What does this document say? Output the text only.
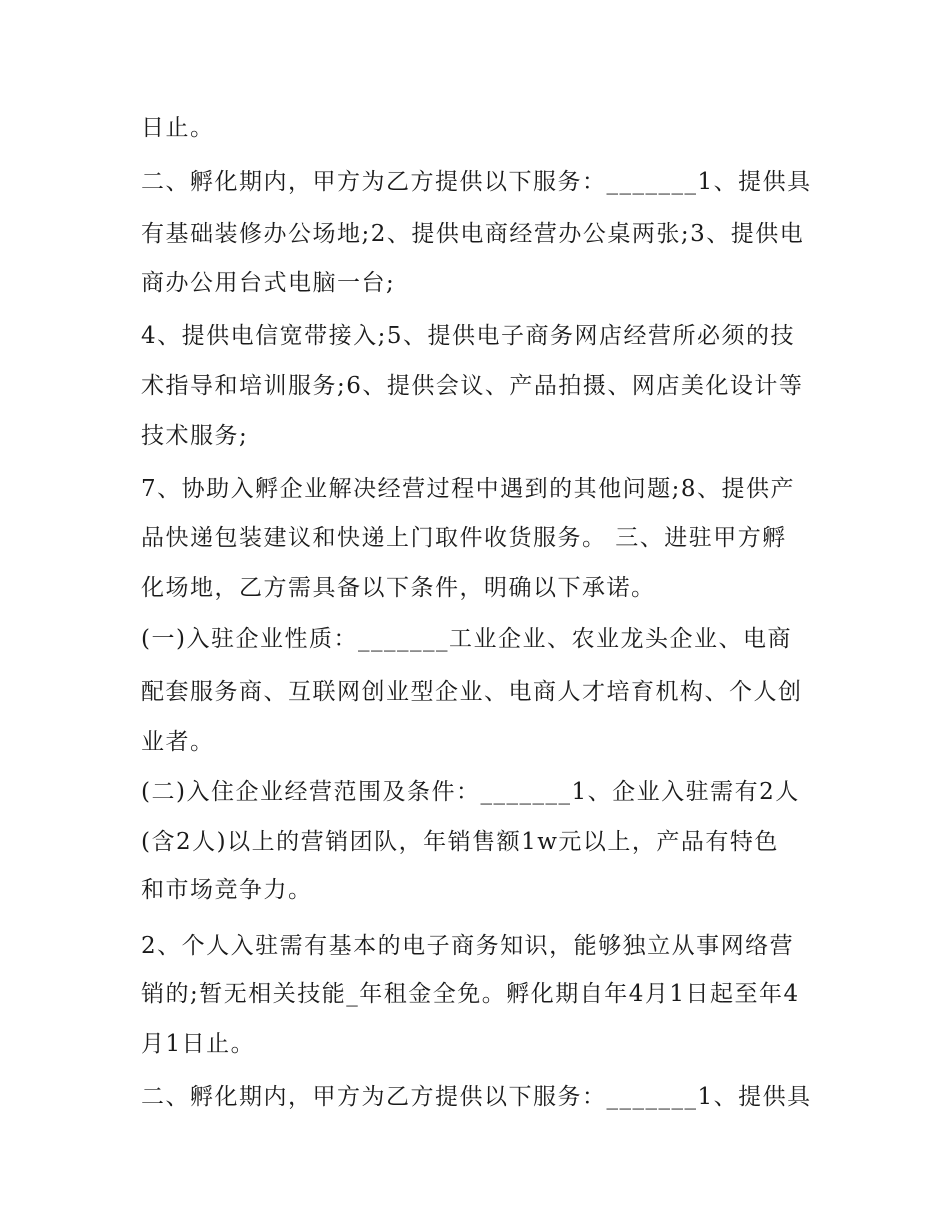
日止。
二、孵化期内，甲方为乙方提供以下服务：_______1、提供具
有基础装修办公场地;2、提供电商经营办公桌两张;3、提供电
商办公用台式电脑一台;
4、提供电信宽带接入;5、提供电子商务网店经营所必须的技
术指导和培训服务;6、提供会议、产品拍摄、网店美化设计等
技术服务;
7、协助入孵企业解决经营过程中遇到的其他问题;8、提供产
品快递包装建议和快递上门取件收货服务。 三、进驻甲方孵
化场地，乙方需具备以下条件，明确以下承诺。
(一)入驻企业性质：_______工业企业、农业龙头企业、电商
配套服务商、互联网创业型企业、电商人才培育机构、个人创
业者。
(二)入住企业经营范围及条件：_______1、企业入驻需有2人
(含2人)以上的营销团队，年销售额1w元以上，产品有特色
和市场竞争力。
2、个人入驻需有基本的电子商务知识，能够独立从事网络营
销的;暂无相关技能_年租金全免。孵化期自年4月1日起至年4
月1日止。
二、孵化期内，甲方为乙方提供以下服务：_______1、提供具
